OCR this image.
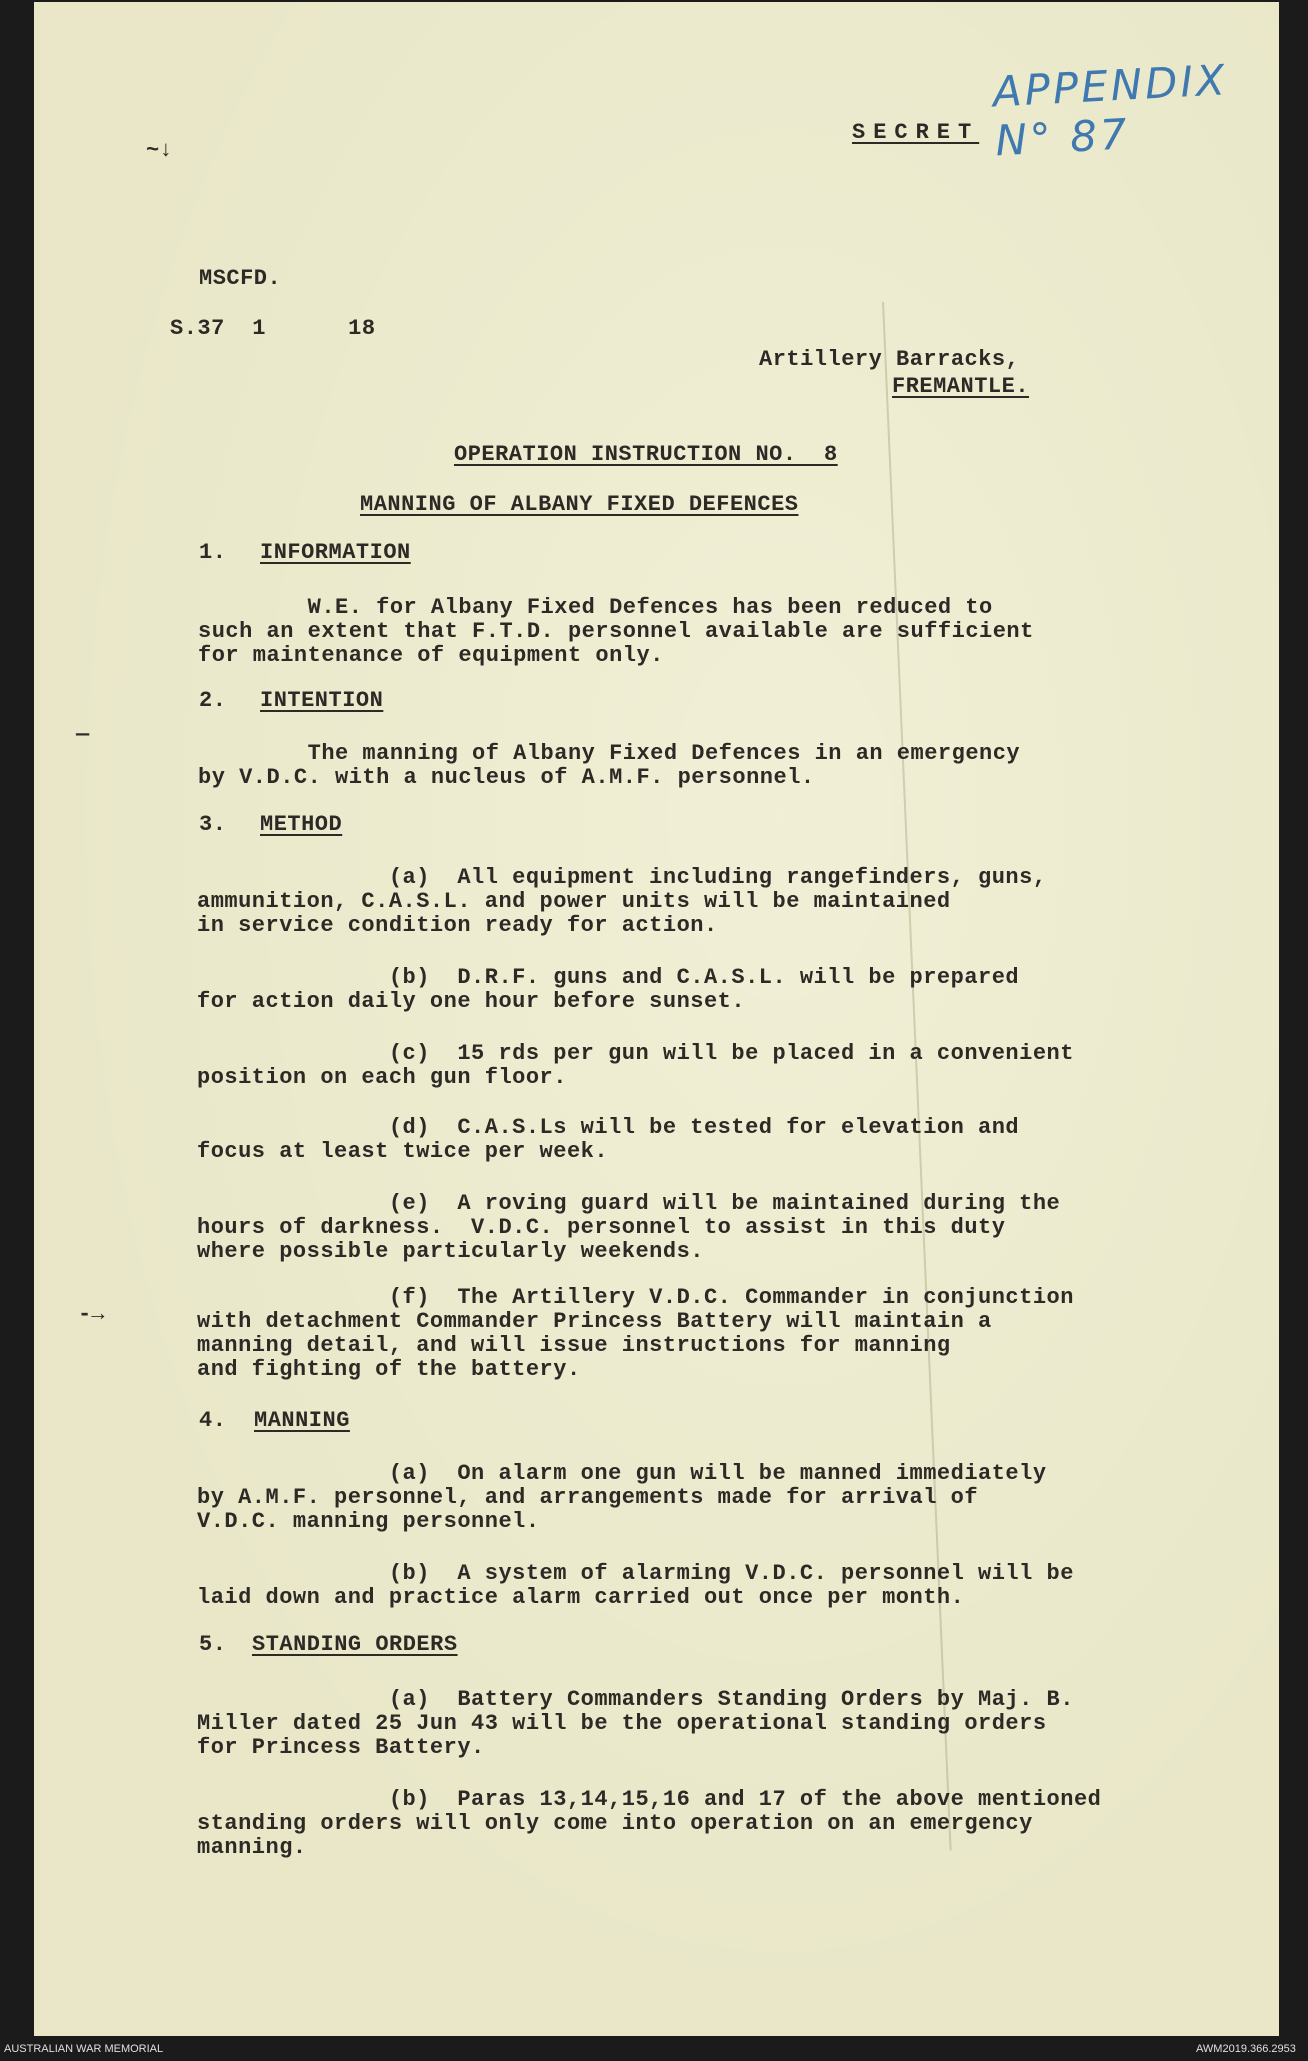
APPENDIX N° 87
SECRET
~↓
MSCFD.
S.37  1      18
Artillery Barracks,
FREMANTLE.
OPERATION INSTRUCTION NO.  8
MANNING OF ALBANY FIXED DEFENCES
1. INFORMATION
W.E. for Albany Fixed Defences has been reduced to
such an extent that F.T.D. personnel available are sufficient
for maintenance of equipment only.
2. INTENTION
—
The manning of Albany Fixed Defences in an emergency
by V.D.C. with a nucleus of A.M.F. personnel.
3. METHOD
(a)  All equipment including rangefinders, guns,
ammunition, C.A.S.L. and power units will be maintained
in service condition ready for action.
(b)  D.R.F. guns and C.A.S.L. will be prepared
for action daily one hour before sunset.
(c)  15 rds per gun will be placed in a convenient
position on each gun floor.
(d)  C.A.S.Ls will be tested for elevation and
focus at least twice per week.
(e)  A roving guard will be maintained during the
hours of darkness.  V.D.C. personnel to assist in this duty
where possible particularly weekends.
-→
(f)  The Artillery V.D.C. Commander in conjunction
with detachment Commander Princess Battery will maintain a
manning detail, and will issue instructions for manning
and fighting of the battery.
4. MANNING
(a)  On alarm one gun will be manned immediately
by A.M.F. personnel, and arrangements made for arrival of
V.D.C. manning personnel.
(b)  A system of alarming V.D.C. personnel will be
laid down and practice alarm carried out once per month.
5. STANDING ORDERS
(a)  Battery Commanders Standing Orders by Maj. B.
Miller dated 25 Jun 43 will be the operational standing orders
for Princess Battery.
(b)  Paras 13,14,15,16 and 17 of the above mentioned
standing orders will only come into operation on an emergency
manning.
AUSTRALIAN WAR MEMORIAL	AWM2019.366.2953
